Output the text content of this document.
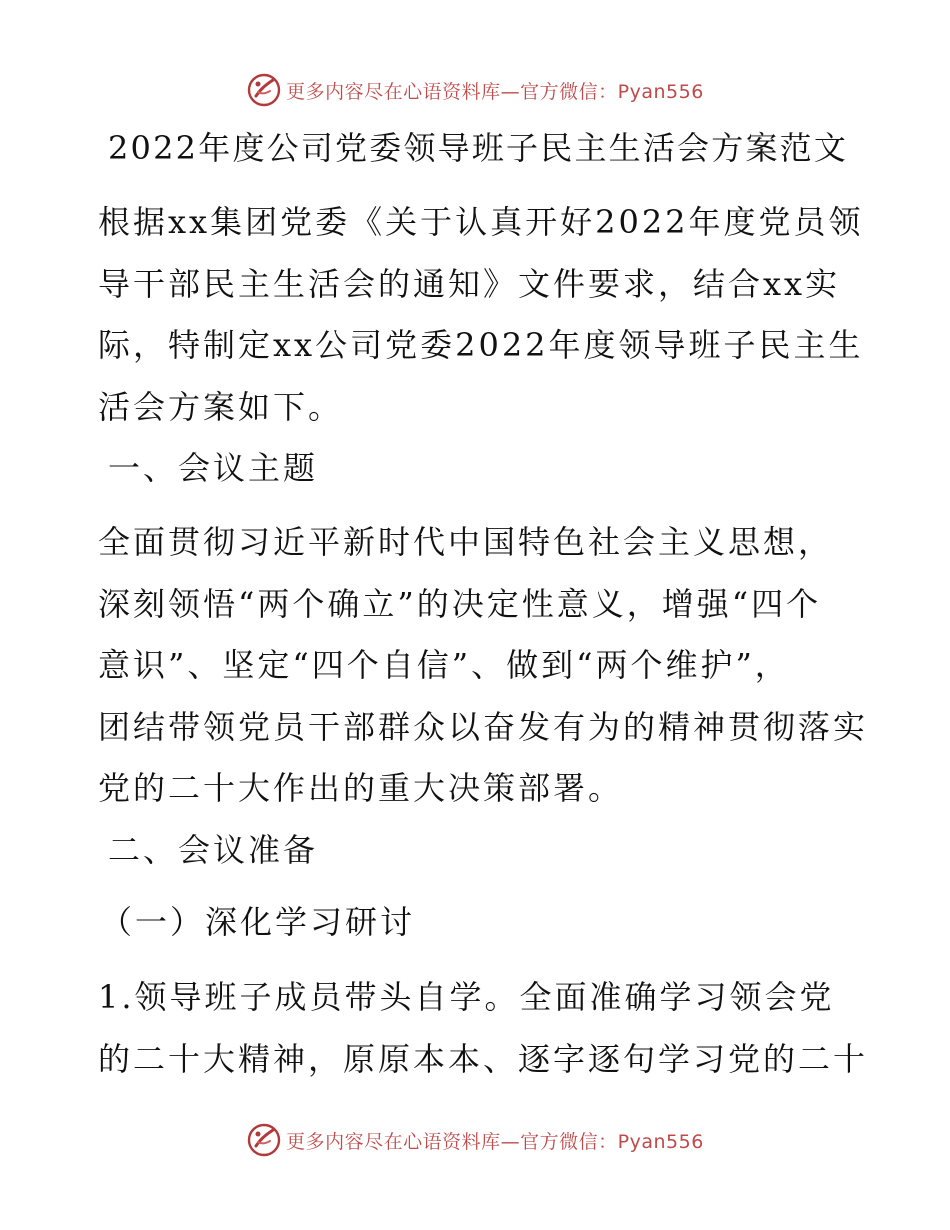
更多内容尽在心语资料库—官方微信：Pyan556
2022年度公司党委领导班子民主生活会方案范文
根据xx集团党委《关于认真开好2022年度党员领
导干部民主生活会的通知》文件要求，结合xx实
际，特制定xx公司党委2022年度领导班子民主生
活会方案如下。
一、会议主题
全面贯彻习近平新时代中国特色社会主义思想，
深刻领悟“两个确立”的决定性意义，增强“四个
意识”、坚定“四个自信”、做到“两个维护”，
团结带领党员干部群众以奋发有为的精神贯彻落实
党的二十大作出的重大决策部署。
二、会议准备
（一）深化学习研讨
1.领导班子成员带头自学。全面准确学习领会党
的二十大精神，原原本本、逐字逐句学习党的二十
更多内容尽在心语资料库—官方微信：Pyan556
